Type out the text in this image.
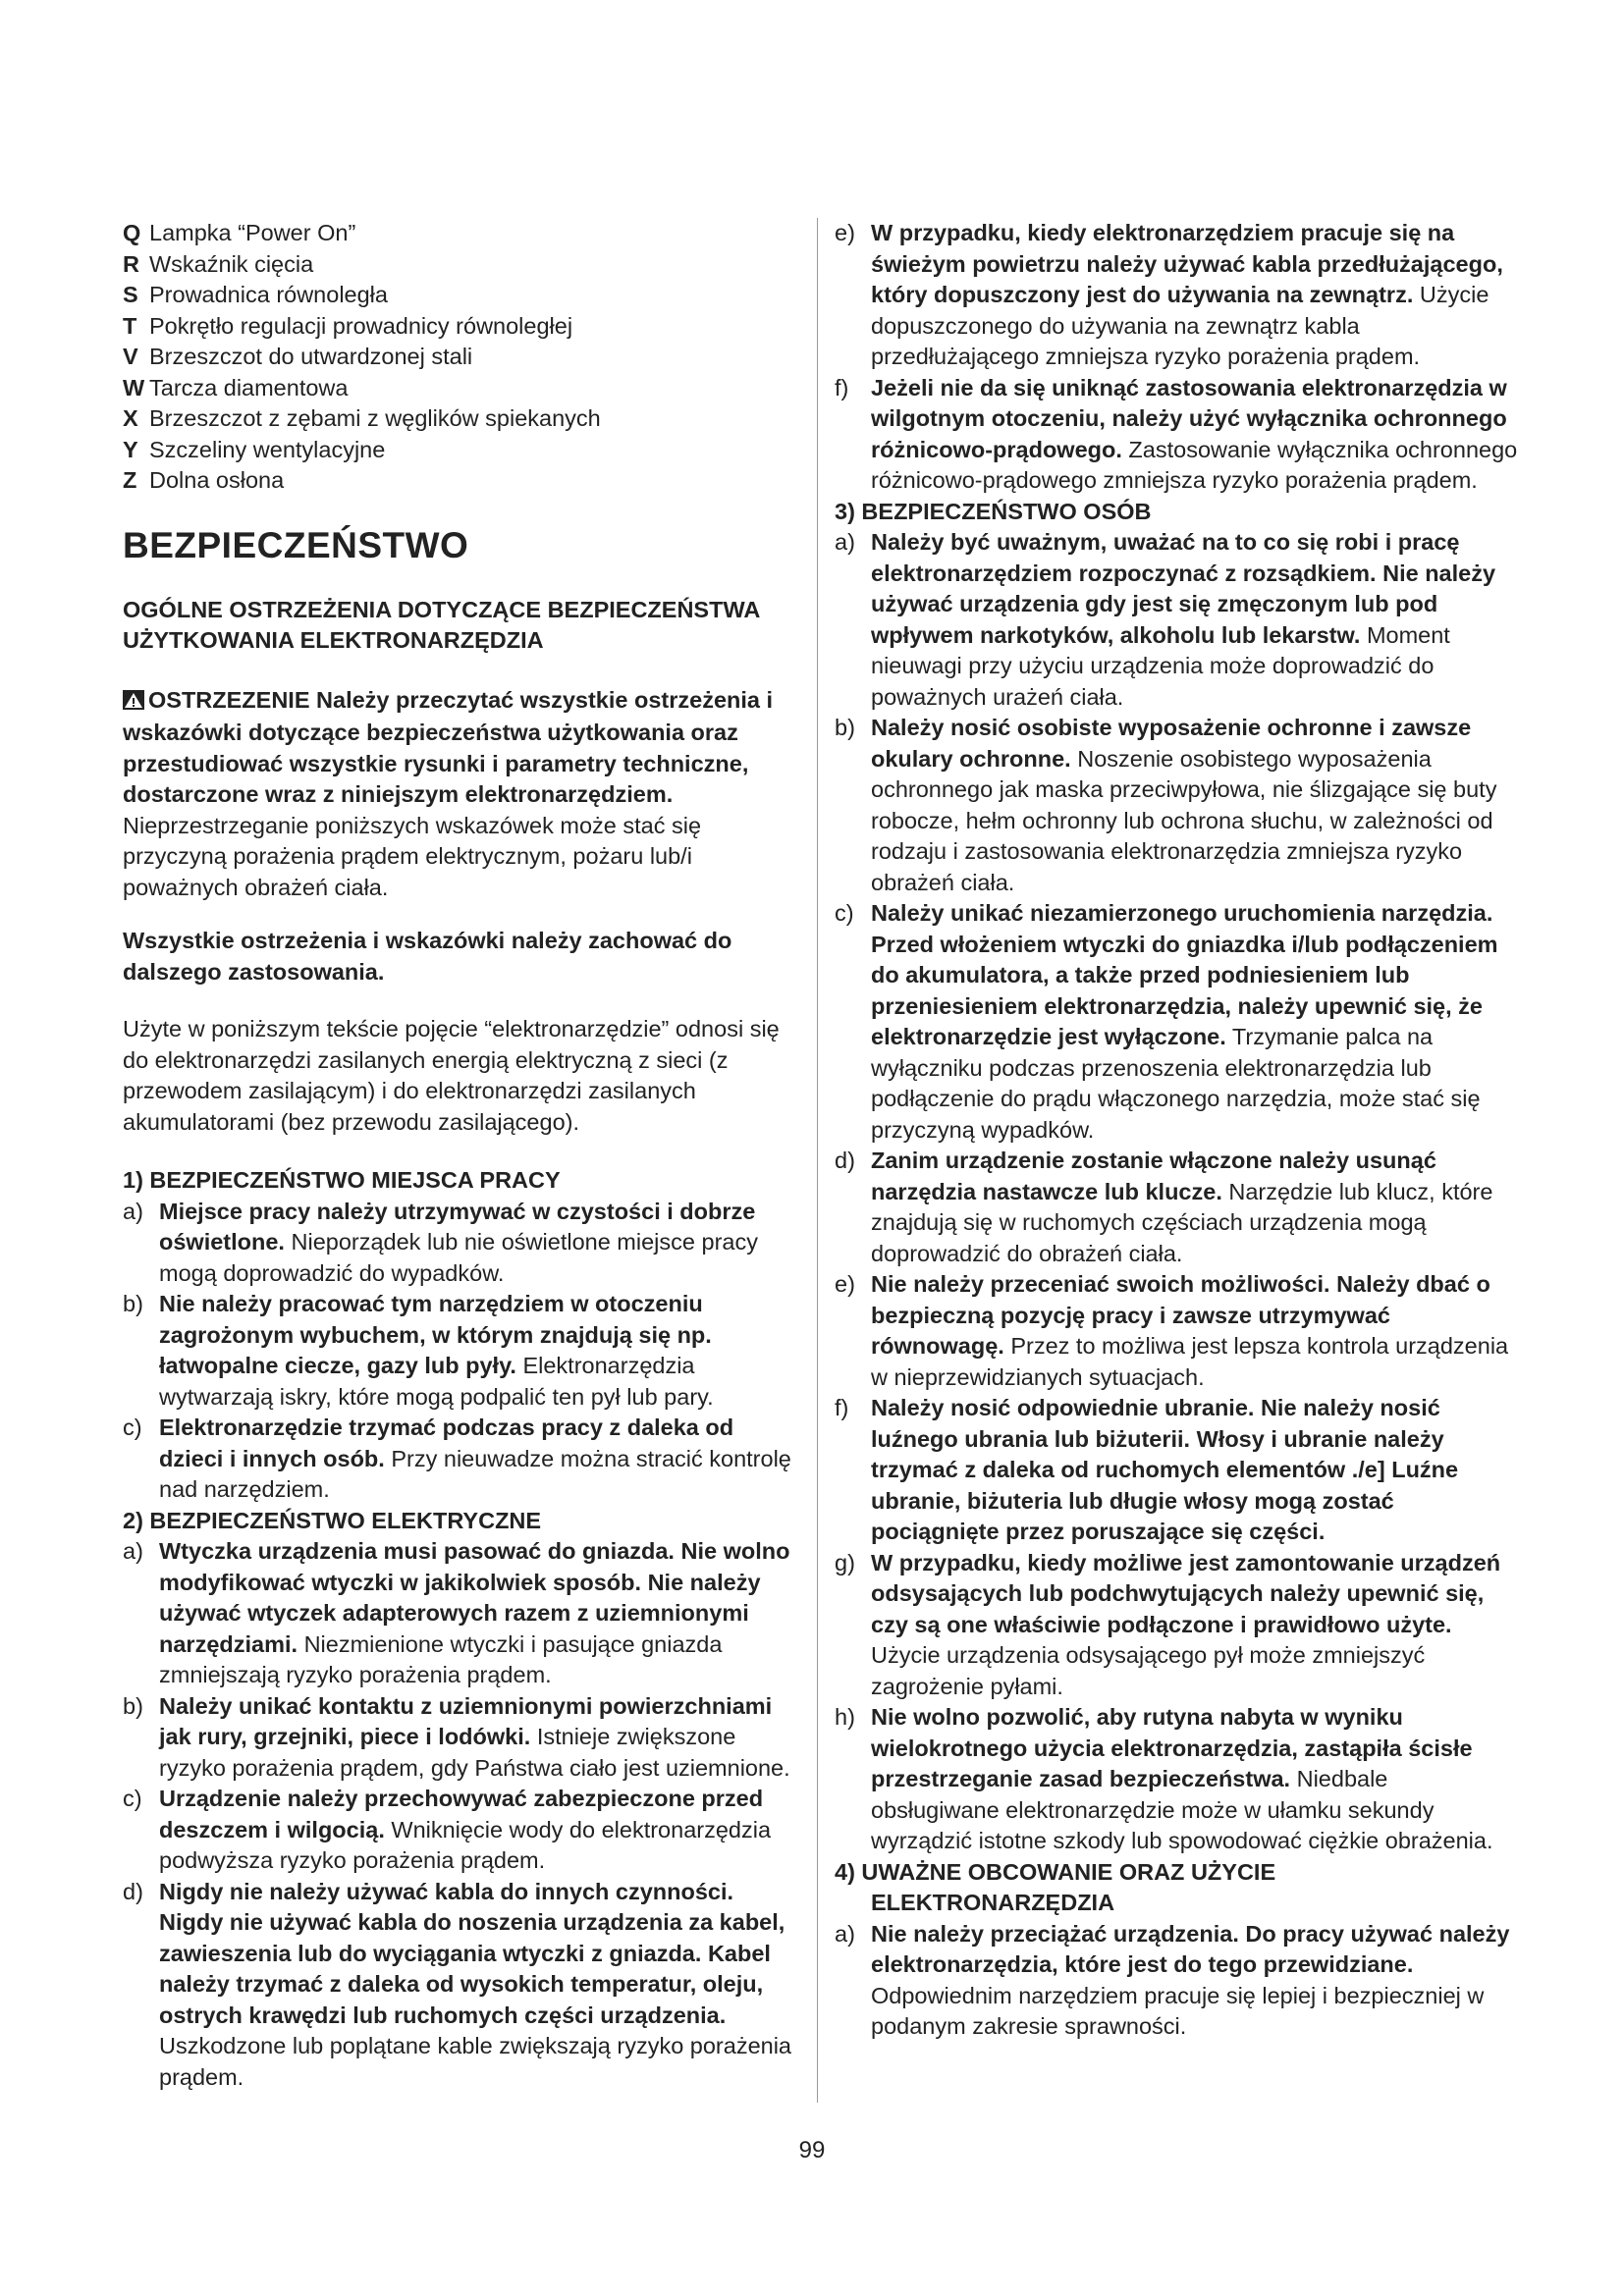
Q Lampka “Power On”
R Wskaźnik cięcia
S Prowadnica równoległa
T Pokrętło regulacji prowadnicy równoległej
V Brzeszczot do utwardzonej stali
W Tarcza diamentowa
X Brzeszczot z zębami z węglików spiekanych
Y Szczeliny wentylacyjne
Z Dolna osłona
BEZPIECZEŃSTWO
OGÓLNE OSTRZEŻENIA DOTYCZĄCE BEZPIECZEŃSTWA UŻYTKOWANIA ELEKTRONARZĘDZIA

OSTRZEZENIE Należy przeczytać wszystkie ostrzeżenia i wskazówki dotyczące bezpieczeństwa użytkowania oraz przestudiować wszystkie rysunki i parametry techniczne, dostarczone wraz z niniejszym elektronarzędziem. Nieprzestrzeganie poniższych wskazówek może stać się przyczyną porażenia prądem elektrycznym, pożaru lub/i poważnych obrażeń ciała.

Wszystkie ostrzeżenia i wskazówki należy zachować do dalszego zastosowania.

Użyte w poniższym tekście pojęcie “elektronarzędzie” odnosi się do elektronarzędzi zasilanych energią elektryczną z sieci (z przewodem zasilającym) i do elektronarzędzi zasilanych akumulatorami (bez przewodu zasilającego).

1) BEZPIECZEŃSTWO MIEJSCA PRACY
a) Miejsce pracy należy utrzymywać w czystości i dobrze oświetlone. Nieporządek lub nie oświetlone miejsce pracy mogą doprowadzić do wypadków.
b) Nie należy pracować tym narzędziem w otoczeniu zagrożonym wybuchem, w którym znajdują się np. łatwopalne ciecze, gazy lub pyły. Elektronarzędzia wytwarzają iskry, które mogą podpalić ten pył lub pary.
c) Elektronarzędzie trzymać podczas pracy z daleka od dzieci i innych osób. Przy nieuwadze można stracić kontrolę nad narzędziem.
2) BEZPIECZEŃSTWO ELEKTRYCZNE
a) Wtyczka urządzenia musi pasować do gniazda. Nie wolno modyfikować wtyczki w jakikolwiek sposób. Nie należy używać wtyczek adapterowych razem z uziemnionymi narzędziami. Niezmienione wtyczki i pasujące gniazda zmniejszają ryzyko porażenia prądem.
b) Należy unikać kontaktu z uziemnionymi powierzchniami jak rury, grzejniki, piece i lodówki. Istnieje zwiększone ryzyko porażenia prądem, gdy Państwa ciało jest uziemnione.
c) Urządzenie należy przechowywać zabezpieczone przed deszczem i wilgocią. Wniknięcie wody do elektronarzędzia podwyższa ryzyko porażenia prądem.
d) Nigdy nie należy używać kabla do innych czynności. Nigdy nie używać kabla do noszenia urządzenia za kabel, zawieszenia lub do wyciągania wtyczki z gniazda. Kabel należy trzymać z daleka od wysokich temperatur, oleju, ostrych krawędzi lub ruchomych części urządzenia. Uszkodzone lub poplątane kable zwiększają ryzyko porażenia prądem.
e) W przypadku, kiedy elektronarzędziem pracuje się na świeżym powietrzu należy używać kabla przedłużającego, który dopuszczony jest do używania na zewnątrz. Użycie dopuszczonego do używania na zewnątrz kabla przedłużającego zmniejsza ryzyko porażenia prądem.
f) Jeżeli nie da się uniknąć zastosowania elektronarzędzia w wilgotnym otoczeniu, należy użyć wyłącznika ochronnego różnicowo-prądowego. Zastosowanie wyłącznika ochronnego różnicowo-prądowego zmniejsza ryzyko porażenia prądem.
3) BEZPIECZEŃSTWO OSÓB
a) Należy być uważnym, uważać na to co się robi i pracę elektronarzędziem rozpoczynać z rozsądkiem. Nie należy używać urządzenia gdy jest się zmęczonym lub pod wpływem narkotyków, alkoholu lub lekarstw. Moment nieuwagi przy użyciu urządzenia może doprowadzić do poważnych urażeń ciała.
b) Należy nosić osobiste wyposażenie ochronne i zawsze okulary ochronne. Noszenie osobistego wyposażenia ochronnego jak maska przeciwpyłowa, nie ślizgające się buty robocze, hełm ochronny lub ochrona słuchu, w zależności od rodzaju i zastosowania elektronarzędzia zmniejsza ryzyko obrażeń ciała.
c) Należy unikać niezamierzonego uruchomienia narzędzia. Przed włożeniem wtyczki do gniazdka i/lub podłączeniem do akumulatora, a także przed podniesieniem lub przeniesieniem elektronarzędzia, należy upewnić się, że elektronarzędzie jest wyłączone. Trzymanie palca na wyłączniku podczas przenoszenia elektronarzędzia lub podłączenie do prądu włączonego narzędzia, może stać się przyczyną wypadków.
d) Zanim urządzenie zostanie włączone należy usunąć narzędzia nastawcze lub klucze. Narzędzie lub klucz, które znajdują się w ruchomych częściach urządzenia mogą doprowadzić do obrażeń ciała.
e) Nie należy przeceniać swoich możliwości. Należy dbać o bezpieczną pozycję pracy i zawsze utrzymywać równowagę. Przez to możliwa jest lepsza kontrola urządzenia w nieprzewidzianych sytuacjach.
f) Należy nosić odpowiednie ubranie. Nie należy nosić luźnego ubrania lub biżuterii. Włosy i ubranie należy trzymać z daleka od ruchomych elementów ./e] Luźne ubranie, biżuteria lub długie włosy mogą zostać pociągnięte przez poruszające się części.
g) W przypadku, kiedy możliwe jest zamontowanie urządzeń odsysających lub podchwytujących należy upewnić się, czy są one właściwie podłączone i prawidłowo użyte. Użycie urządzenia odsysającego pył może zmniejszyć zagrożenie pyłami.
h) Nie wolno pozwolić, aby rutyna nabyta w wyniku wielokrotnego użycia elektronarzędzia, zastąpiła ścisłe przestrzeganie zasad bezpieczeństwa. Niedbale obsługiwane elektronarzędzie może w ułamku sekundy wyrządzić istotne szkody lub spowodować ciężkie obrażenia.
4) UWAŻNE OBCOWANIE ORAZ UŻYCIE ELEKTRONARZĘDZIA
a) Nie należy przeciążać urządzenia. Do pracy używać należy elektronarzędzia, które jest do tego przewidziane. Odpowiednim narzędziem pracuje się lepiej i bezpieczniej w podanym zakresie sprawności.
99
